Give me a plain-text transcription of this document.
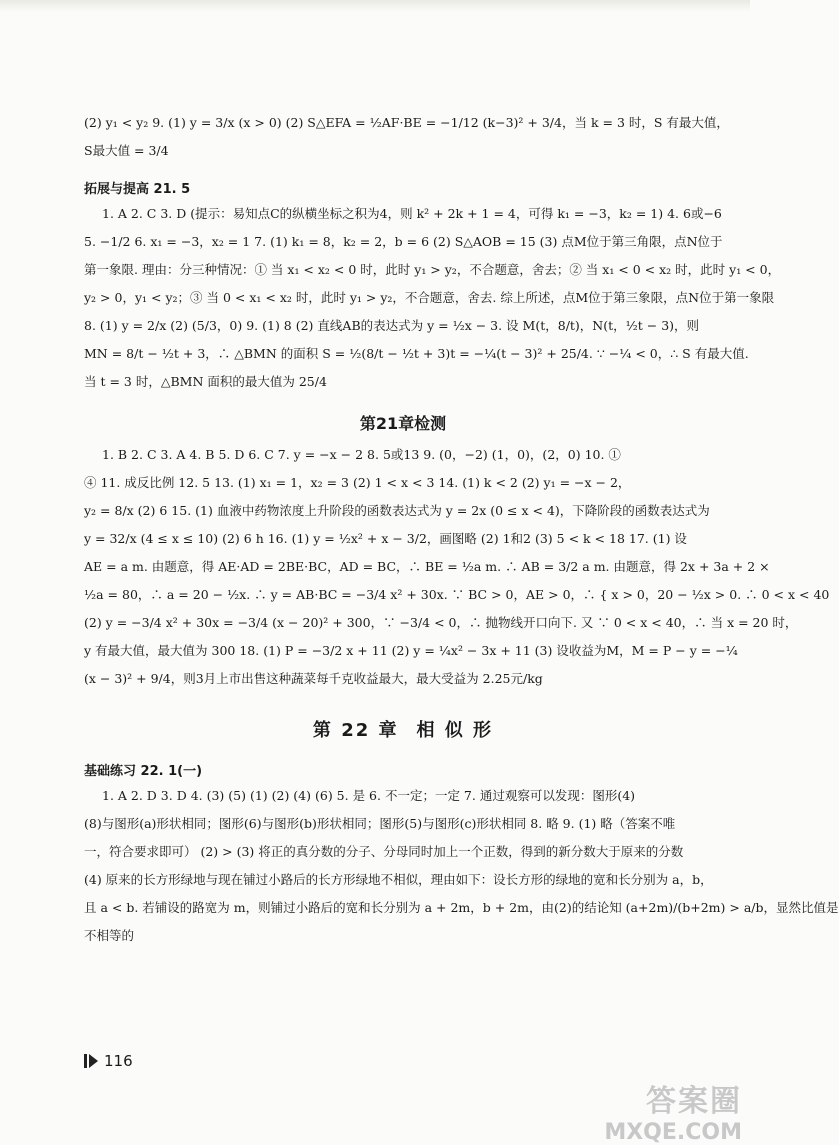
(2) y₁ < y₂ 9. (1) y = 3/x (x > 0) (2) S△EFA = ½AF·BE = −1/12 (k−3)² + 3/4，当 k = 3 时，S 有最大值，

S最大值 = 3/4

拓展与提高 21. 5

1. A 2. C 3. D (提示：易知点C的纵横坐标之积为4，则 k² + 2k + 1 = 4，可得 k₁ = −3，k₂ = 1) 4. 6或−6

5. −1/2 6. x₁ = −3，x₂ = 1 7. (1) k₁ = 8，k₂ = 2，b = 6 (2) S△AOB = 15 (3) 点M位于第三角限，点N位于

第一象限. 理由：分三种情况：① 当 x₁ < x₂ < 0 时，此时 y₁ > y₂，不合题意，舍去；② 当 x₁ < 0 < x₂ 时，此时 y₁ < 0，

y₂ > 0，y₁ < y₂；③ 当 0 < x₁ < x₂ 时，此时 y₁ > y₂，不合题意，舍去. 综上所述，点M位于第三象限，点N位于第一象限

8. (1) y = 2/x (2) (5/3，0) 9. (1) 8 (2) 直线AB的表达式为 y = ½x − 3. 设 M(t，8/t)，N(t，½t − 3)，则

MN = 8/t − ½t + 3，∴ △BMN 的面积 S = ½(8/t − ½t + 3)t = −¼(t − 3)² + 25/4. ∵ −¼ < 0，∴ S 有最大值.

当 t = 3 时，△BMN 面积的最大值为 25/4

第21章检测

1. B 2. C 3. A 4. B 5. D 6. C 7. y = −x − 2 8. 5或13 9. (0，−2) (1，0)，(2，0) 10. ①

④ 11. 成反比例 12. 5 13. (1) x₁ = 1，x₂ = 3 (2) 1 < x < 3 14. (1) k < 2 (2) y₁ = −x − 2，

y₂ = 8/x (2) 6 15. (1) 血液中药物浓度上升阶段的函数表达式为 y = 2x (0 ≤ x < 4)，下降阶段的函数表达式为

y = 32/x (4 ≤ x ≤ 10) (2) 6 h 16. (1) y = ½x² + x − 3/2，画图略 (2) 1和2 (3) 5 < k < 18 17. (1) 设

AE = a m. 由题意，得 AE·AD = 2BE·BC，AD = BC，∴ BE = ½a m. ∴ AB = 3/2 a m. 由题意，得 2x + 3a + 2 ×

½a = 80，∴ a = 20 − ½x. ∴ y = AB·BC = −3/4 x² + 30x. ∵ BC > 0，AE > 0，∴ { x > 0，20 − ½x > 0. ∴ 0 < x < 40

(2) y = −3/4 x² + 30x = −3/4 (x − 20)² + 300，∵ −3/4 < 0，∴ 抛物线开口向下. 又 ∵ 0 < x < 40，∴ 当 x = 20 时，

y 有最大值，最大值为 300 18. (1) P = −3/2 x + 11 (2) y = ¼x² − 3x + 11 (3) 设收益为M，M = P − y = −¼

(x − 3)² + 9/4，则3月上市出售这种蔬菜每千克收益最大，最大受益为 2.25元/kg

第 22 章 相 似 形
基础练习 22. 1(一)

1. A 2. D 3. D 4. (3) (5) (1) (2) (4) (6) 5. 是 6. 不一定；一定 7. 通过观察可以发现：图形(4)

(8)与图形(a)形状相同；图形(6)与图形(b)形状相同；图形(5)与图形(c)形状相同 8. 略 9. (1) 略（答案不唯

一，符合要求即可） (2) > (3) 将正的真分数的分子、分母同时加上一个正数，得到的新分数大于原来的分数

(4) 原来的长方形绿地与现在铺过小路后的长方形绿地不相似，理由如下：设长方形的绿地的宽和长分别为 a，b，

且 a < b. 若铺设的路宽为 m，则铺过小路后的宽和长分别为 a + 2m，b + 2m，由(2)的结论知 (a+2m)/(b+2m) > a/b，显然比值是

不相等的

116
答案圈
MXQE.COM
